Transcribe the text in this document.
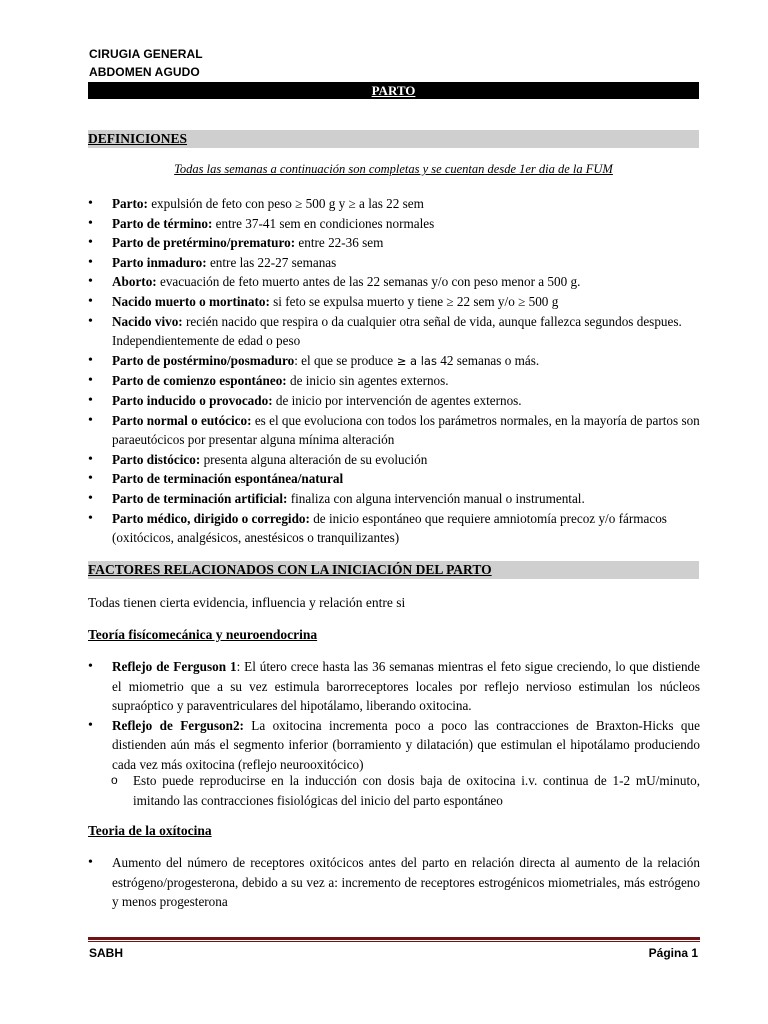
CIRUGIA GENERAL
ABDOMEN AGUDO
PARTO
DEFINICIONES
Todas las semanas a continuación son completas y se cuentan desde 1er dia de la FUM
• Parto: expulsión de feto con peso ≥ 500 g y ≥ a las 22 sem
• Parto de término: entre 37-41 sem en condiciones normales
• Parto de pretérmino/prematuro: entre 22-36 sem
• Parto inmaduro: entre las 22-27 semanas
• Aborto: evacuación de feto muerto antes de las 22 semanas y/o con peso menor a 500 g.
• Nacido muerto o mortinato: si feto se expulsa muerto y tiene ≥ 22 sem y/o ≥ 500 g
• Nacido vivo: recién nacido que respira o da cualquier otra señal de vida, aunque fallezca segundos despues. Independientemente de edad o peso
• Parto de postérmino/posmaduro: el que se produce ≥ a las 42 semanas o más.
• Parto de comienzo espontáneo: de inicio sin agentes externos.
• Parto inducido o provocado: de inicio por intervención de agentes externos.
• Parto normal o eutócico: es el que evoluciona con todos los parámetros normales, en la mayoría de partos son paraeutócicos por presentar alguna mínima alteración
• Parto distócico: presenta alguna alteración de su evolución
• Parto de terminación espontánea/natural
• Parto de terminación artificial: finaliza con alguna intervención manual o instrumental.
• Parto médico, dirigido o corregido: de inicio espontáneo que requiere amniotomía precoz y/o fármacos (oxitócicos, analgésicos, anestésicos o tranquilizantes)
FACTORES RELACIONADOS CON LA INICIACIÓN DEL PARTO
Todas tienen cierta evidencia, influencia y relación entre si
Teoría fisícomecánica y neuroendocrina
• Reflejo de Ferguson 1: El útero crece hasta las 36 semanas mientras el feto sigue creciendo, lo que distiende el miometrio que a su vez estimula barorreceptores locales por reflejo nervioso estimulan los núcleos supraóptico y paraventriculares del hipotálamo, liberando oxitocina.
• Reflejo de Ferguson2: La oxitocina incrementa poco a poco las contracciones de Braxton-Hicks que distienden aún más el segmento inferior (borramiento y dilatación) que estimulan el hipotálamo produciendo cada vez más oxitocina (reflejo neurooxitócico)
o Esto puede reproducirse en la inducción con dosis baja de oxitocina i.v. continua de 1-2 mU/minuto, imitando las contracciones fisiológicas del inicio del parto espontáneo
Teoria de la oxítocina
• Aumento del número de receptores oxitócicos antes del parto en relación directa al aumento de la relación estrógeno/progesterona, debido a su vez a: incremento de receptores estrogénicos miometriales, más estrógeno y menos progesterona
SABH	Página 1
